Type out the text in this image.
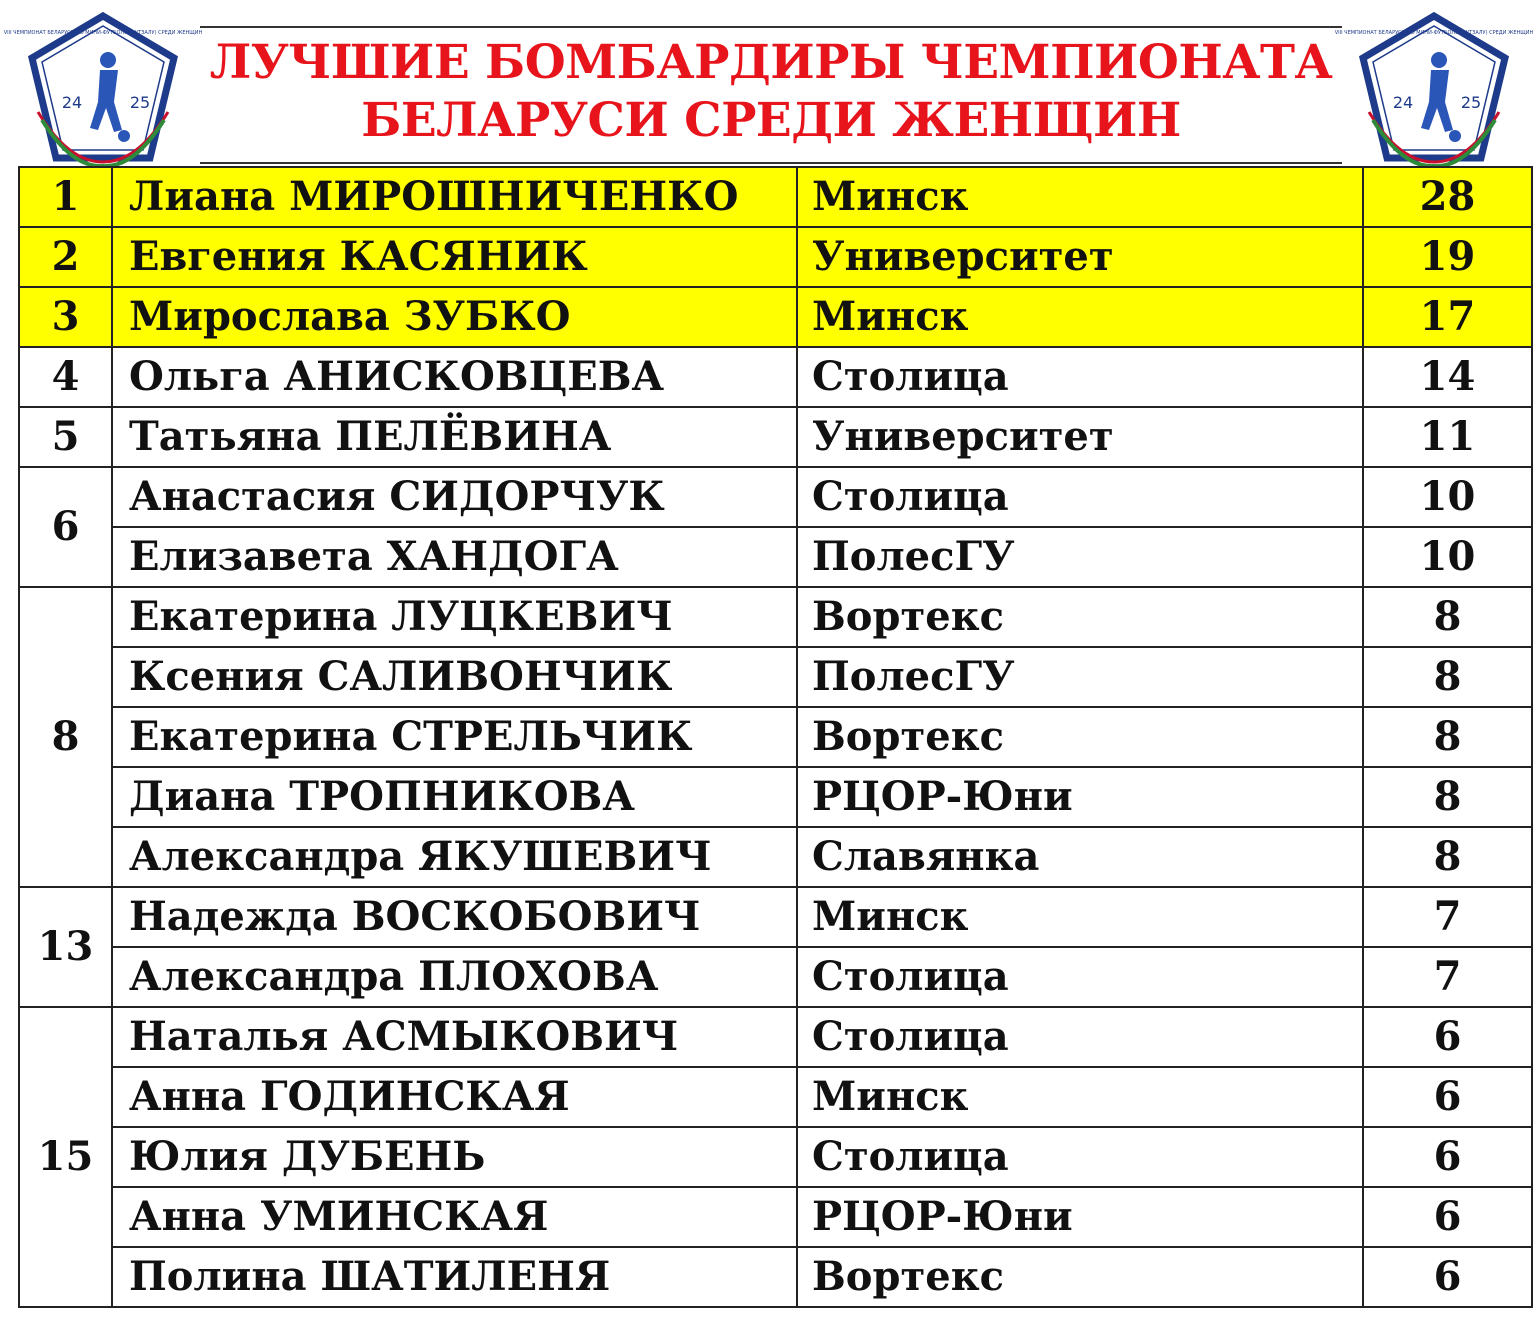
VIII ЧЕМПИОНАТ БЕЛАРУСИ ПО МИНИ-ФУТБОЛУ (ФУТЗАЛУ) СРЕДИ ЖЕНЩИН
24	25
ЛУЧШИЕ БОМБАРДИРЫ ЧЕМПИОНАТА
БЕЛАРУСИ СРЕДИ ЖЕНЩИН
VIII ЧЕМПИОНАТ БЕЛАРУСИ ПО МИНИ-ФУТБОЛУ (ФУТЗАЛУ) СРЕДИ ЖЕНЩИН
24	25
1	Лиана МИРОШНИЧЕНКО	Минск	28
2	Евгения КАСЯНИК	Университет	19
3	Мирослава ЗУБКО	Минск	17
4	Ольга АНИСКОВЦЕВА	Столица	14
5	Татьяна ПЕЛЁВИНА	Университет	11
6	Анастасия СИДОРЧУК	Столица	10
	Елизавета ХАНДОГА	ПолесГУ	10
8	Екатерина ЛУЦКЕВИЧ	Вортекс	8
	Ксения САЛИВОНЧИК	ПолесГУ	8
	Екатерина СТРЕЛЬЧИК	Вортекс	8
	Диана ТРОПНИКОВА	РЦОР-Юни	8
	Александра ЯКУШЕВИЧ	Славянка	8
13	Надежда ВОСКОБОВИЧ	Минск	7
	Александра ПЛОХОВА	Столица	7
15	Наталья АСМЫКОВИЧ	Столица	6
	Анна ГОДИНСКАЯ	Минск	6
	Юлия ДУБЕНЬ	Столица	6
	Анна УМИНСКАЯ	РЦОР-Юни	6
	Полина ШАТИЛЕНЯ	Вортекс	6
